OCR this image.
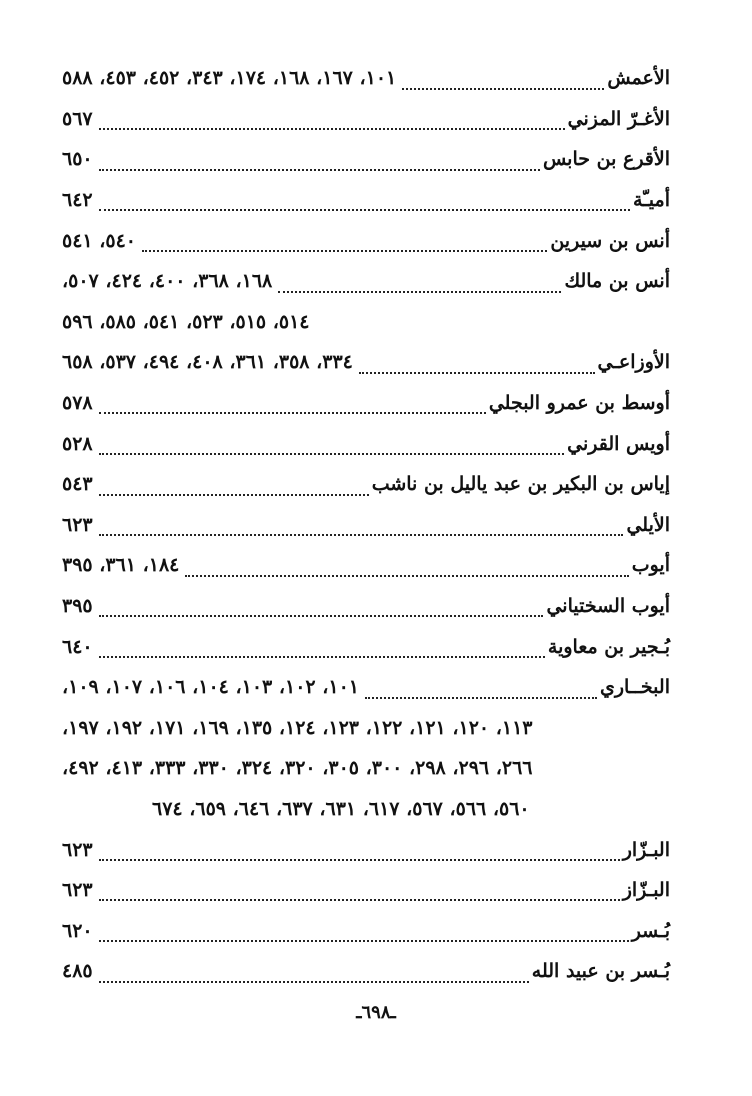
الأعمش
١٠١، ١٦٧، ١٦٨، ١٧٤، ٣٤٣، ٤٥٢، ٤٥٣، ٥٨٨
الأغـرّ المزني
٥٦٧
الأقرع بن حابس
٦٥٠
أميـّة
٦٤٢
أنس بن سيرين
٥٤٠، ٥٤١
أنس بن مالك
١٦٨، ٣٦٨، ٤٠٠، ٤٢٤، ٥٠٧،
٥١٤، ٥١٥، ٥٢٣، ٥٤١، ٥٨٥، ٥٩٦
الأوزاعـي
٣٣٤، ٣٥٨، ٣٦١، ٤٠٨، ٤٩٤، ٥٣٧، ٦٥٨
أوسط بن عمرو البجلي
٥٧٨
أويس القرني
٥٢٨
إياس بن البكير بن عبد ياليل بن ناشب
٥٤٣
الأيلي
٦٢٣
أيوب
١٨٤، ٣٦١، ٣٩٥
أيوب السختياني
٣٩٥
بُـجير بن معاوية
٦٤٠
البخــاري
١٠١، ١٠٢، ١٠٣، ١٠٤، ١٠٦، ١٠٧، ١٠٩،
١١٣، ١٢٠، ١٢١، ١٢٢، ١٢٣، ١٢٤، ١٣٥، ١٦٩، ١٧١، ١٩٢، ١٩٧،
٢٦٦، ٢٩٦، ٢٩٨، ٣٠٠، ٣٠٥، ٣٢٠، ٣٢٤، ٣٣٠، ٣٣٣، ٤١٣، ٤٩٢،
٥٦٠، ٥٦٦، ٥٦٧، ٦١٧، ٦٣١، ٦٣٧، ٦٤٦، ٦٥٩، ٦٧٤
البـزّار
٦٢٣
البـزّاز
٦٢٣
بُـسر
٦٢٠
بُـسر بن عبيد الله
٤٨٥
ـ٦٩٨ـ
